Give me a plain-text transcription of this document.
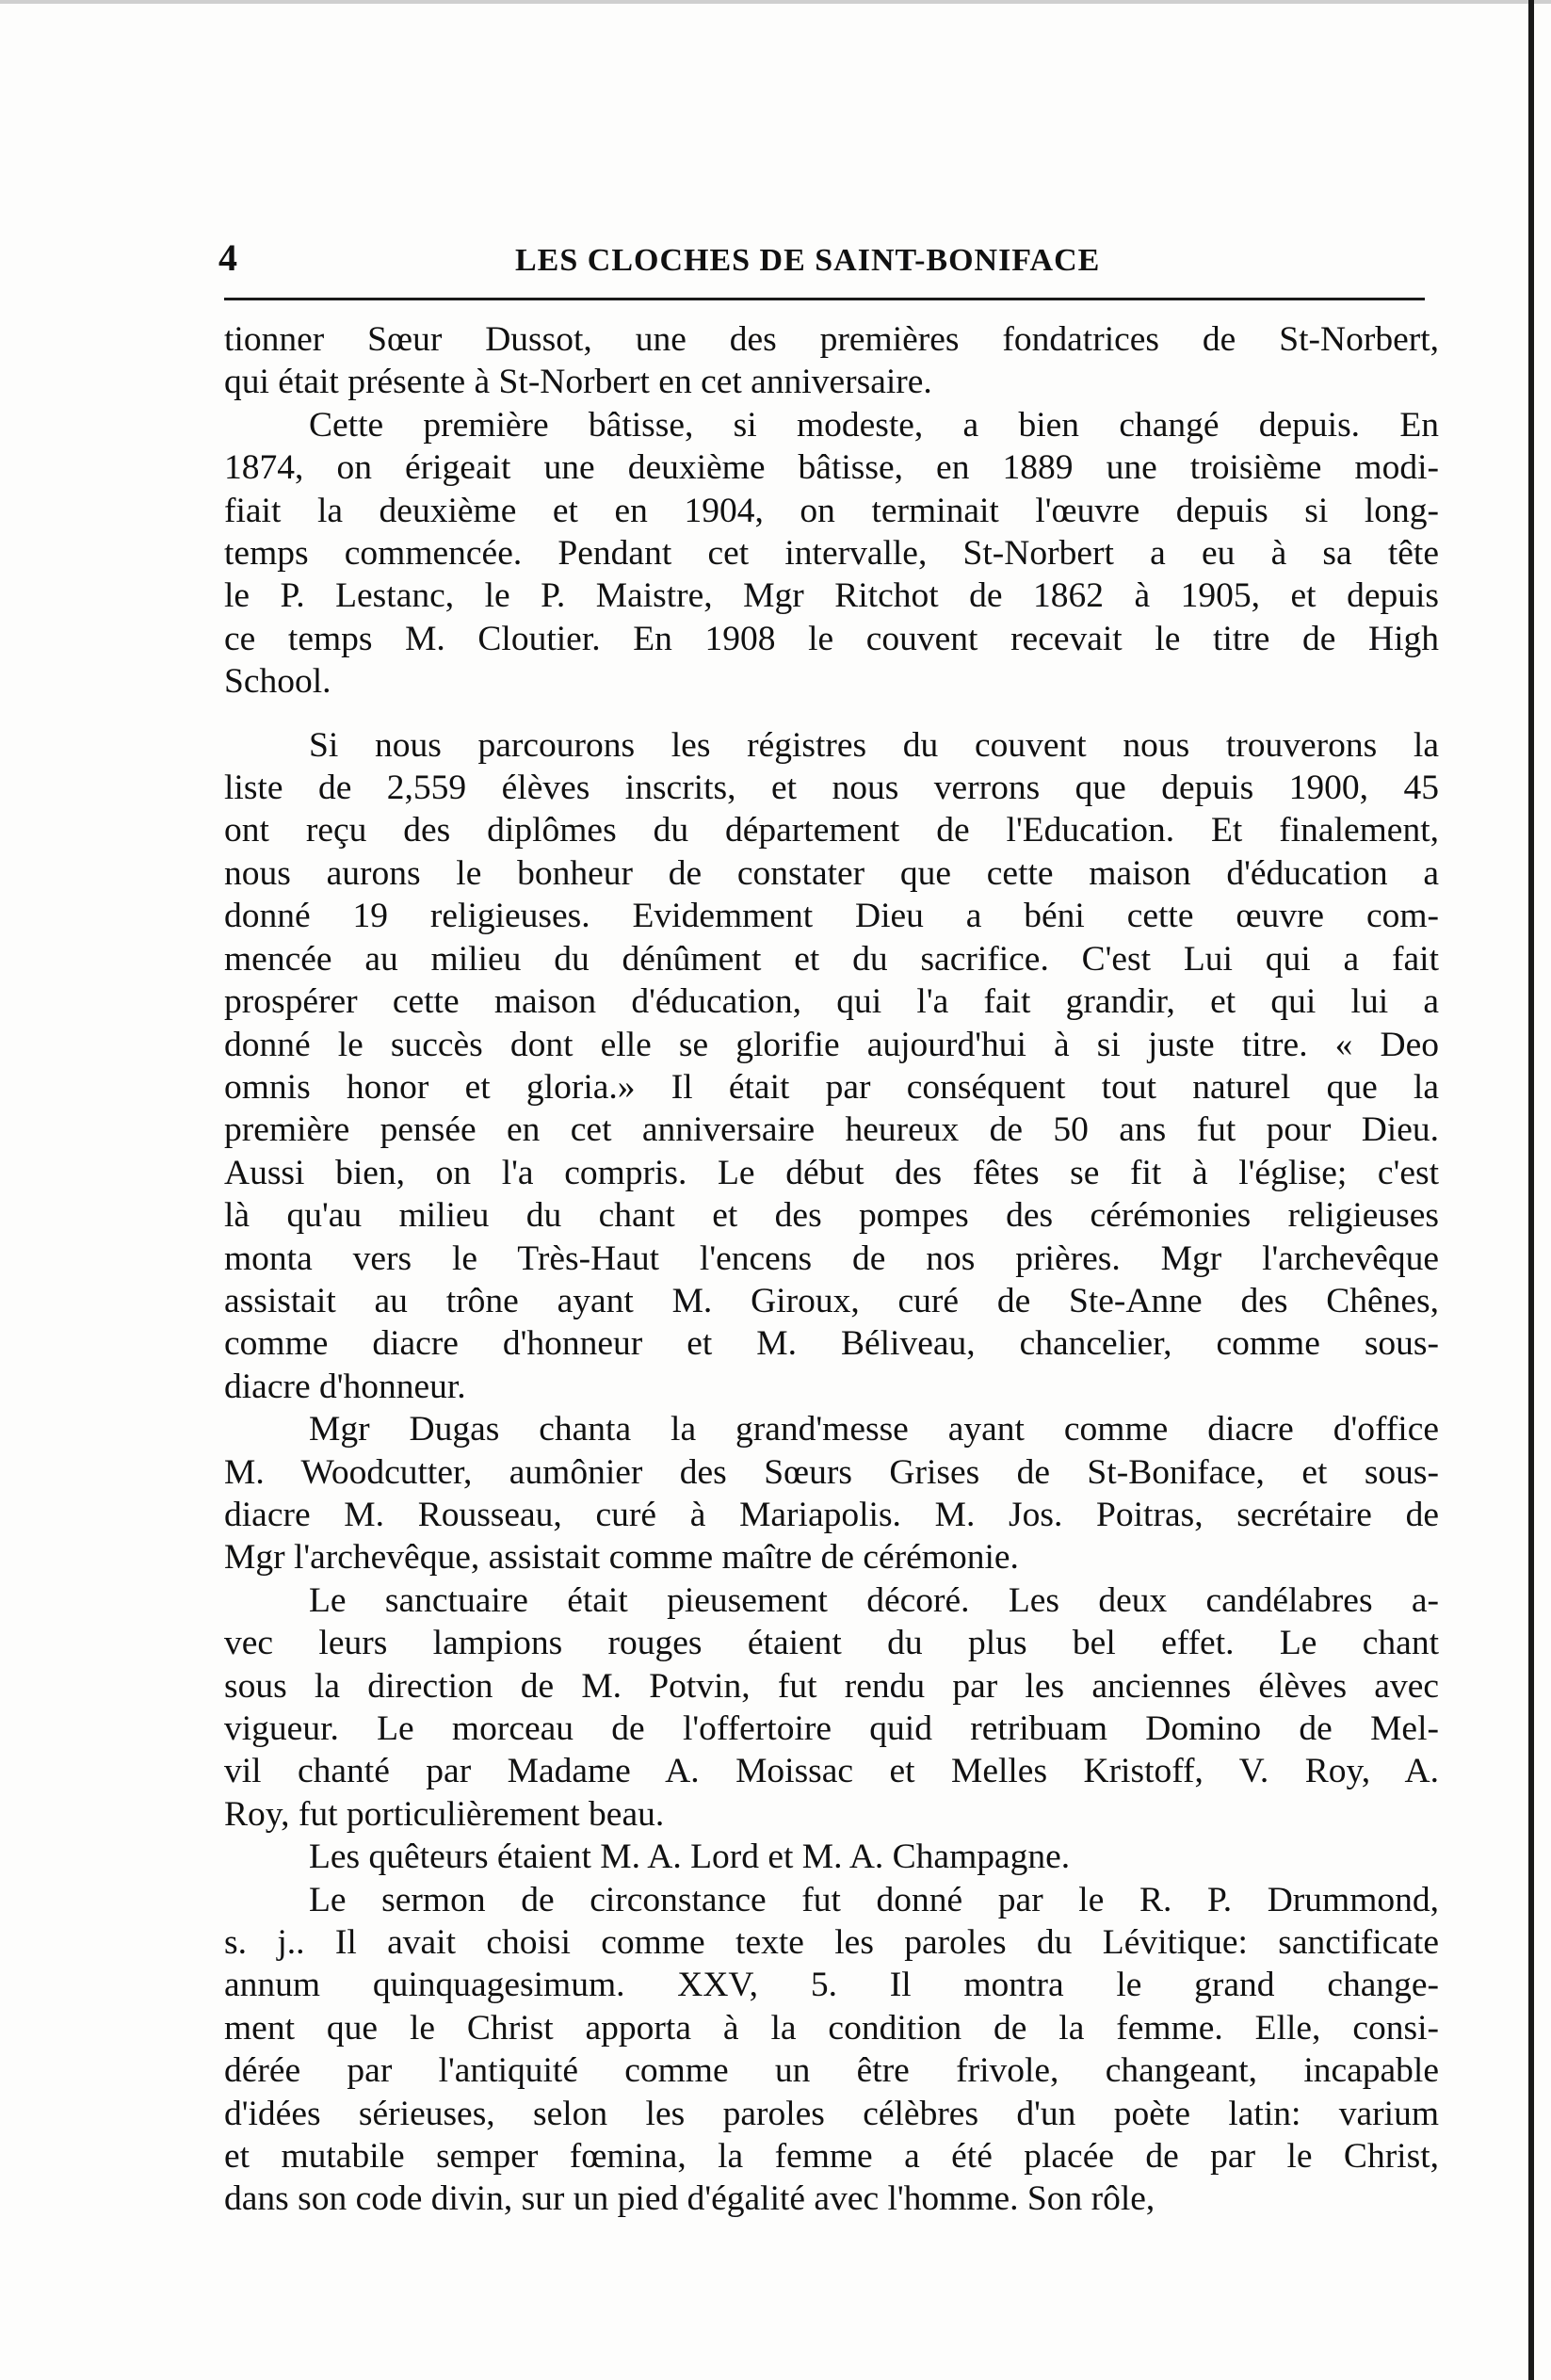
4	LES CLOCHES DE SAINT-BONIFACE
tionner Sœur Dussot, une des premières fondatrices de St-Norbert,
qui était présente à St-Norbert en cet anniversaire.
Cette première bâtisse, si modeste, a bien changé depuis. En
1874, on érigeait une deuxième bâtisse, en 1889 une troisième modi-
fiait la deuxième et en 1904, on terminait l'œuvre depuis si long-
temps commencée. Pendant cet intervalle, St-Norbert a eu à sa tête
le P. Lestanc, le P. Maistre, Mgr Ritchot de 1862 à 1905, et depuis
ce temps M. Cloutier. En 1908 le couvent recevait le titre de High
School.
Si nous parcourons les régistres du couvent nous trouverons la
liste de 2,559 élèves inscrits, et nous verrons que depuis 1900, 45
ont reçu des diplômes du département de l'Education. Et finalement,
nous aurons le bonheur de constater que cette maison d'éducation a
donné 19 religieuses. Evidemment Dieu a béni cette œuvre com-
mencée au milieu du dénûment et du sacrifice. C'est Lui qui a fait
prospérer cette maison d'éducation, qui l'a fait grandir, et qui lui a
donné le succès dont elle se glorifie aujourd'hui à si juste titre. « Deo
omnis honor et gloria.» Il était par conséquent tout naturel que la
première pensée en cet anniversaire heureux de 50 ans fut pour Dieu.
Aussi bien, on l'a compris. Le début des fêtes se fit à l'église; c'est
là qu'au milieu du chant et des pompes des cérémonies religieuses
monta vers le Très-Haut l'encens de nos prières. Mgr l'archevêque
assistait au trône ayant M. Giroux, curé de Ste-Anne des Chênes,
comme diacre d'honneur et M. Béliveau, chancelier, comme sous-
diacre d'honneur.
Mgr Dugas chanta la grand'messe ayant comme diacre d'office
M. Woodcutter, aumônier des Sœurs Grises de St-Boniface, et sous-
diacre M. Rousseau, curé à Mariapolis. M. Jos. Poitras, secrétaire de
Mgr l'archevêque, assistait comme maître de cérémonie.
Le sanctuaire était pieusement décoré. Les deux candélabres a-
vec leurs lampions rouges étaient du plus bel effet. Le chant
sous la direction de M. Potvin, fut rendu par les anciennes élèves avec
vigueur. Le morceau de l'offertoire quid retribuam Domino de Mel-
vil chanté par Madame A. Moissac et Melles Kristoff, V. Roy, A.
Roy, fut porticulièrement beau.
Les quêteurs étaient M. A. Lord et M. A. Champagne.
Le sermon de circonstance fut donné par le R. P. Drummond,
s. j.. Il avait choisi comme texte les paroles du Lévitique: sanctificate
annum quinquagesimum. XXV, 5. Il montra le grand change-
ment que le Christ apporta à la condition de la femme. Elle, consi-
dérée par l'antiquité comme un être frivole, changeant, incapable
d'idées sérieuses, selon les paroles célèbres d'un poète latin: varium
et mutabile semper fœmina, la femme a été placée de par le Christ,
dans son code divin, sur un pied d'égalité avec l'homme. Son rôle,
